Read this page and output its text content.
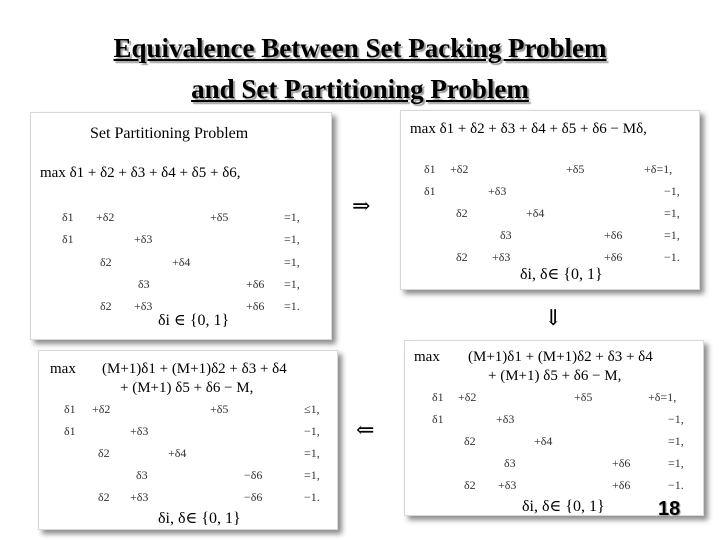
Equivalence Between Set Packing Problem
and Set Partitioning Problem
Set Partitioning Problem
max δ1 + δ2 + δ3 + δ4 + δ5 + δ6,
δ1 +δ2	+δ5	=1,
δ1	+δ3	=1,
δ2	+δ4	=1,
δ3	+δ6 =1,
δ2 +δ3	+δ6 =1.
δi ∈ {0, 1}
max δ1 + δ2 + δ3 + δ4 + δ5 + δ6 − Mδ,
δ1 +δ2	+δ5	+δ=1,
δ1	+δ3	−1,
δ2	+δ4	=1,
δ3	+δ6	=1,
δ2 +δ3	+δ6	−1.
δi, δ∈ {0, 1}
max (M+1)δ1 + (M+1)δ2 + δ3 + δ4
+ (M+1) δ5 + δ6 − M,
δ1 +δ2	+δ5	≤1,
δ1	+δ3	−1,
δ2	+δ4	=1,
δ3	−δ6	=1,
δ2 +δ3	−δ6	−1.
δi, δ∈ {0, 1}
max (M+1)δ1 + (M+1)δ2 + δ3 + δ4
+ (M+1) δ5 + δ6 − M,
δ1 +δ2	+δ5	+δ=1,
δ1	+δ3	−1,
δ2	+δ4	=1,
δ3	+δ6	=1,
δ2 +δ3	+δ6	−1.
δi, δ∈ {0, 1}
⇒
⇓
⇐
18
